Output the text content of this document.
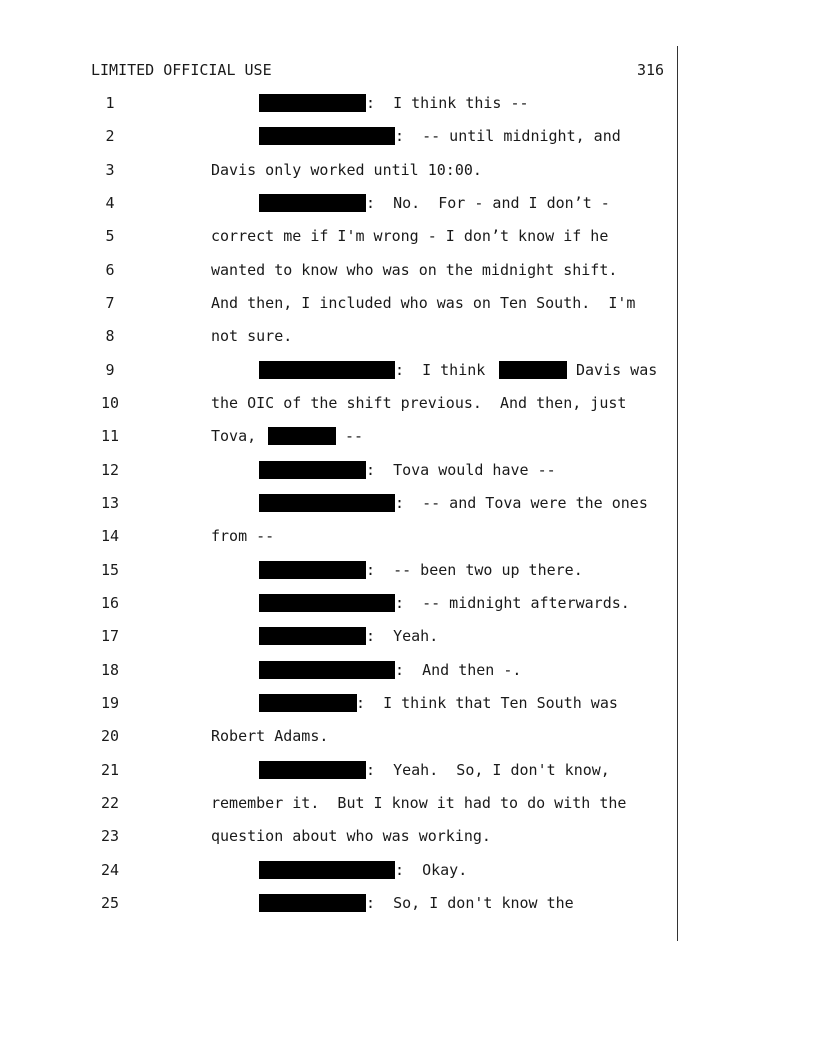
LIMITED OFFICIAL USE	316
1
2
3
4
5
6
7
8
9
10
11
12
13
14
15
16
17
18
19
20
21
22
23
24
25
:  I think this --
:  -- until midnight, and
Davis only worked until 10:00.
:  No.  For - and I don’t -
correct me if I'm wrong - I don’t know if he
wanted to know who was on the midnight shift.
And then, I included who was on Ten South.  I'm
not sure.
:  I think	Davis was
the OIC of the shift previous.  And then, just
Tova,	--
:  Tova would have --
:  -- and Tova were the ones
from --
:  -- been two up there.
:  -- midnight afterwards.
:  Yeah.
:  And then -.
:  I think that Ten South was
Robert Adams.
:  Yeah.  So, I don't know,
remember it.  But I know it had to do with the
question about who was working.
:  Okay.
:  So, I don't know the
